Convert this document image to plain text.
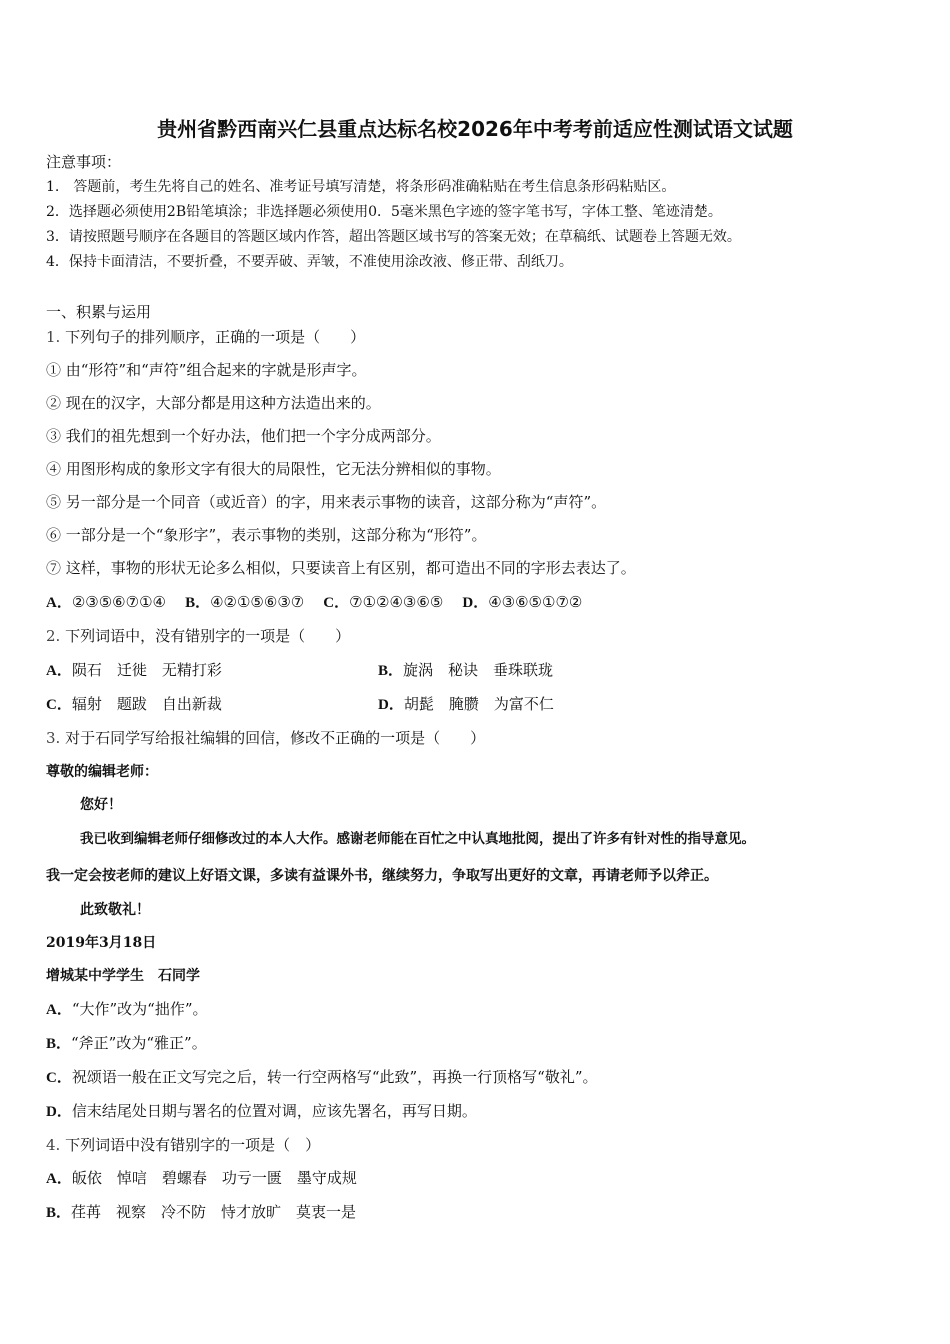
贵州省黔西南兴仁县重点达标名校2026年中考考前适应性测试语文试题
注意事项：
1.　答题前，考生先将自己的姓名、准考证号填写清楚，将条形码准确粘贴在考生信息条形码粘贴区。
2．选择题必须使用2B铅笔填涂；非选择题必须使用0．5毫米黑色字迹的签字笔书写，字体工整、笔迹清楚。
3．请按照题号顺序在各题目的答题区域内作答，超出答题区域书写的答案无效；在草稿纸、试题卷上答题无效。
4．保持卡面清洁，不要折叠，不要弄破、弄皱，不准使用涂改液、修正带、刮纸刀。
一、积累与运用
1. 下列句子的排列顺序，正确的一项是（　　）
① 由“形符”和“声符”组合起来的字就是形声字。
② 现在的汉字，大部分都是用这种方法造出来的。
③ 我们的祖先想到一个好办法，他们把一个字分成两部分。
④ 用图形构成的象形文字有很大的局限性，它无法分辨相似的事物。
⑤ 另一部分是一个同音（或近音）的字，用来表示事物的读音，这部分称为“声符”。
⑥ 一部分是一个“象形字”，表示事物的类别，这部分称为“形符”。
⑦ 这样，事物的形状无论多么相似，只要读音上有区别，都可造出不同的字形去表达了。
A．②③⑤⑥⑦①④ B．④②①⑤⑥③⑦ C．⑦①②④③⑥⑤ D．④③⑥⑤①⑦②
2. 下列词语中，没有错别字的一项是（　　）
A．陨石　迁徙　无精打彩	B．旋涡　秘诀　垂珠联珑
C．辐射　题跋　自出新裁	D．胡髭　腌臜　为富不仁
3. 对于石同学写给报社编辑的回信，修改不正确的一项是（　　）
尊敬的编辑老师：
您好！
我已收到编辑老师仔细修改过的本人大作。感谢老师能在百忙之中认真地批阅，提出了许多有针对性的指导意见。
我一定会按老师的建议上好语文课，多读有益课外书，继续努力，争取写出更好的文章，再请老师予以斧正。
此致敬礼！
2019年3月18日
增城某中学学生　石同学
A．“大作”改为“拙作”。
B．“斧正”改为“雅正”。
C．祝颂语一般在正文写完之后，转一行空两格写“此致”，再换一行顶格写“敬礼”。
D．信末结尾处日期与署名的位置对调，应该先署名，再写日期。
4. 下列词语中没有错别字的一项是（　）
A．皈依　悼唁　碧螺春　功亏一匮　墨守成规
B．荏苒　视察　冷不防　恃才放旷　莫衷一是
